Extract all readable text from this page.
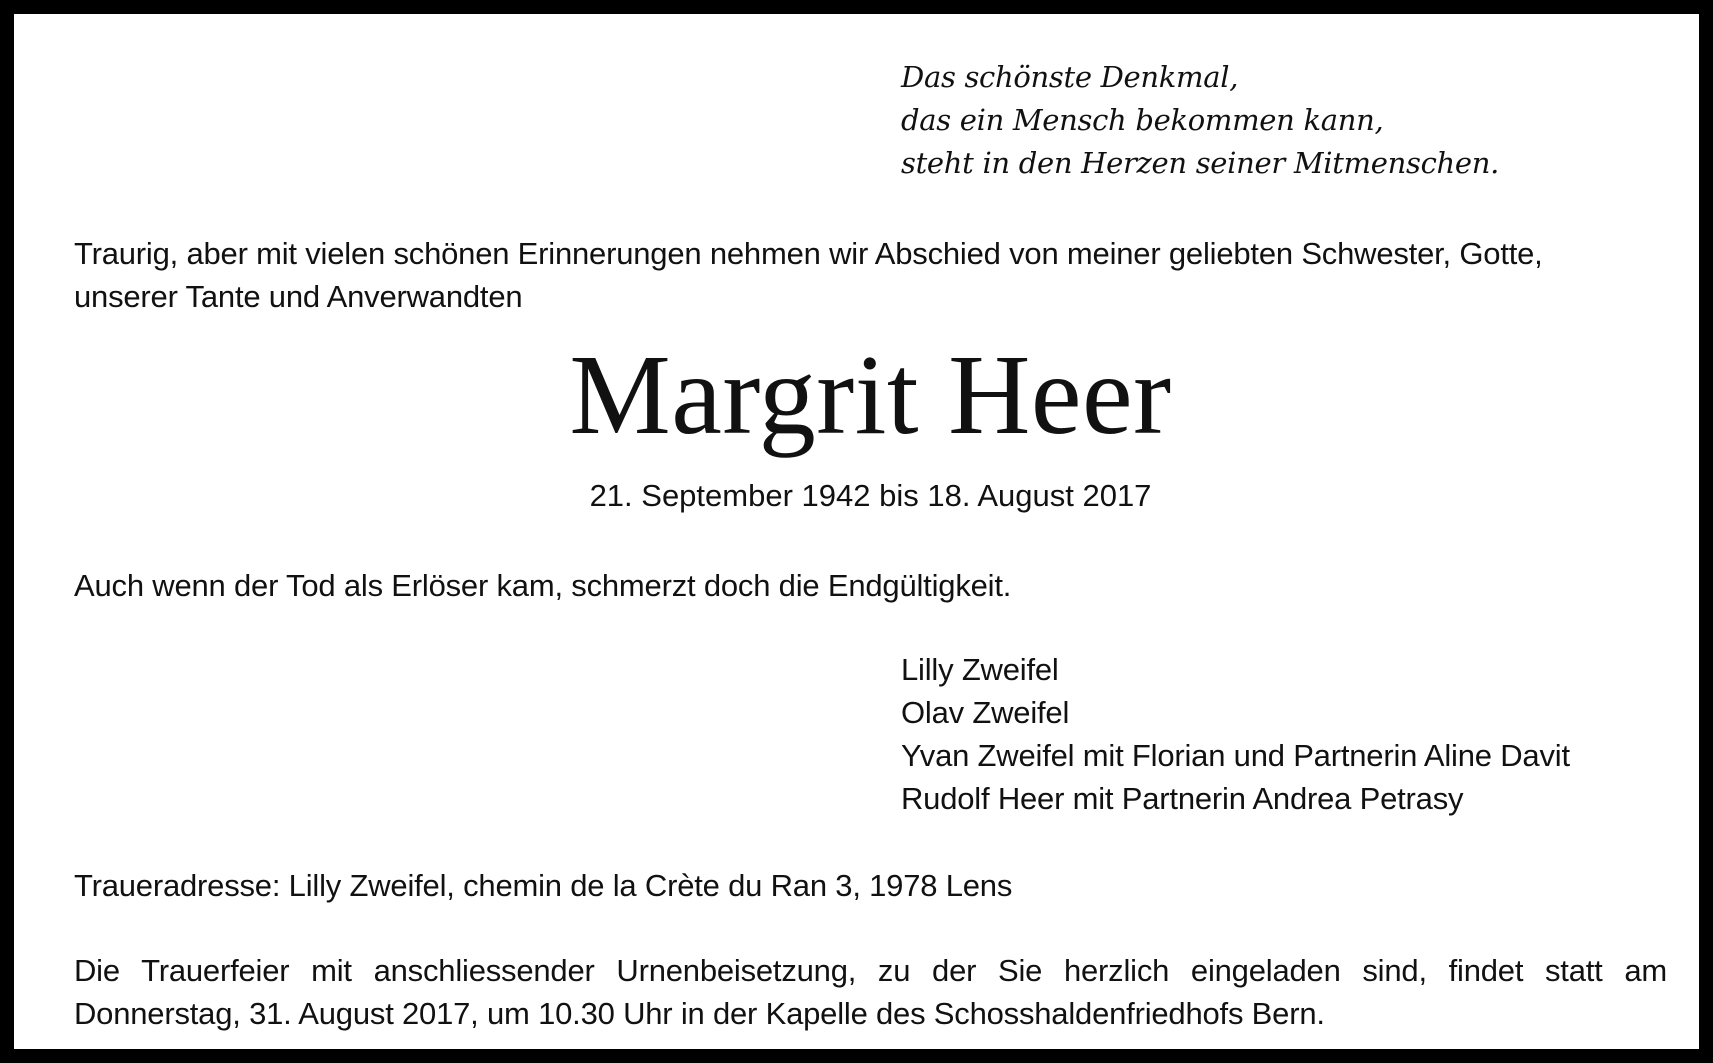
Das schönste Denkmal,
das ein Mensch bekommen kann,
steht in den Herzen seiner Mitmenschen.
Traurig, aber mit vielen schönen Erinnerungen nehmen wir Abschied von meiner geliebten Schwester, Gotte,
unserer Tante und Anverwandten
Margrit Heer
21. September 1942 bis 18. August 2017
Auch wenn der Tod als Erlöser kam, schmerzt doch die Endgültigkeit.
Lilly Zweifel
Olav Zweifel
Yvan Zweifel mit Florian und Partnerin Aline Davit
Rudolf Heer mit Partnerin Andrea Petrasy
Traueradresse: Lilly Zweifel, chemin de la Crète du Ran 3, 1978 Lens
Die Trauerfeier mit anschliessender Urnenbeisetzung, zu der Sie herzlich eingeladen sind, findet statt am
Donnerstag, 31. August 2017, um 10.30 Uhr in der Kapelle des Schosshaldenfriedhofs Bern.
